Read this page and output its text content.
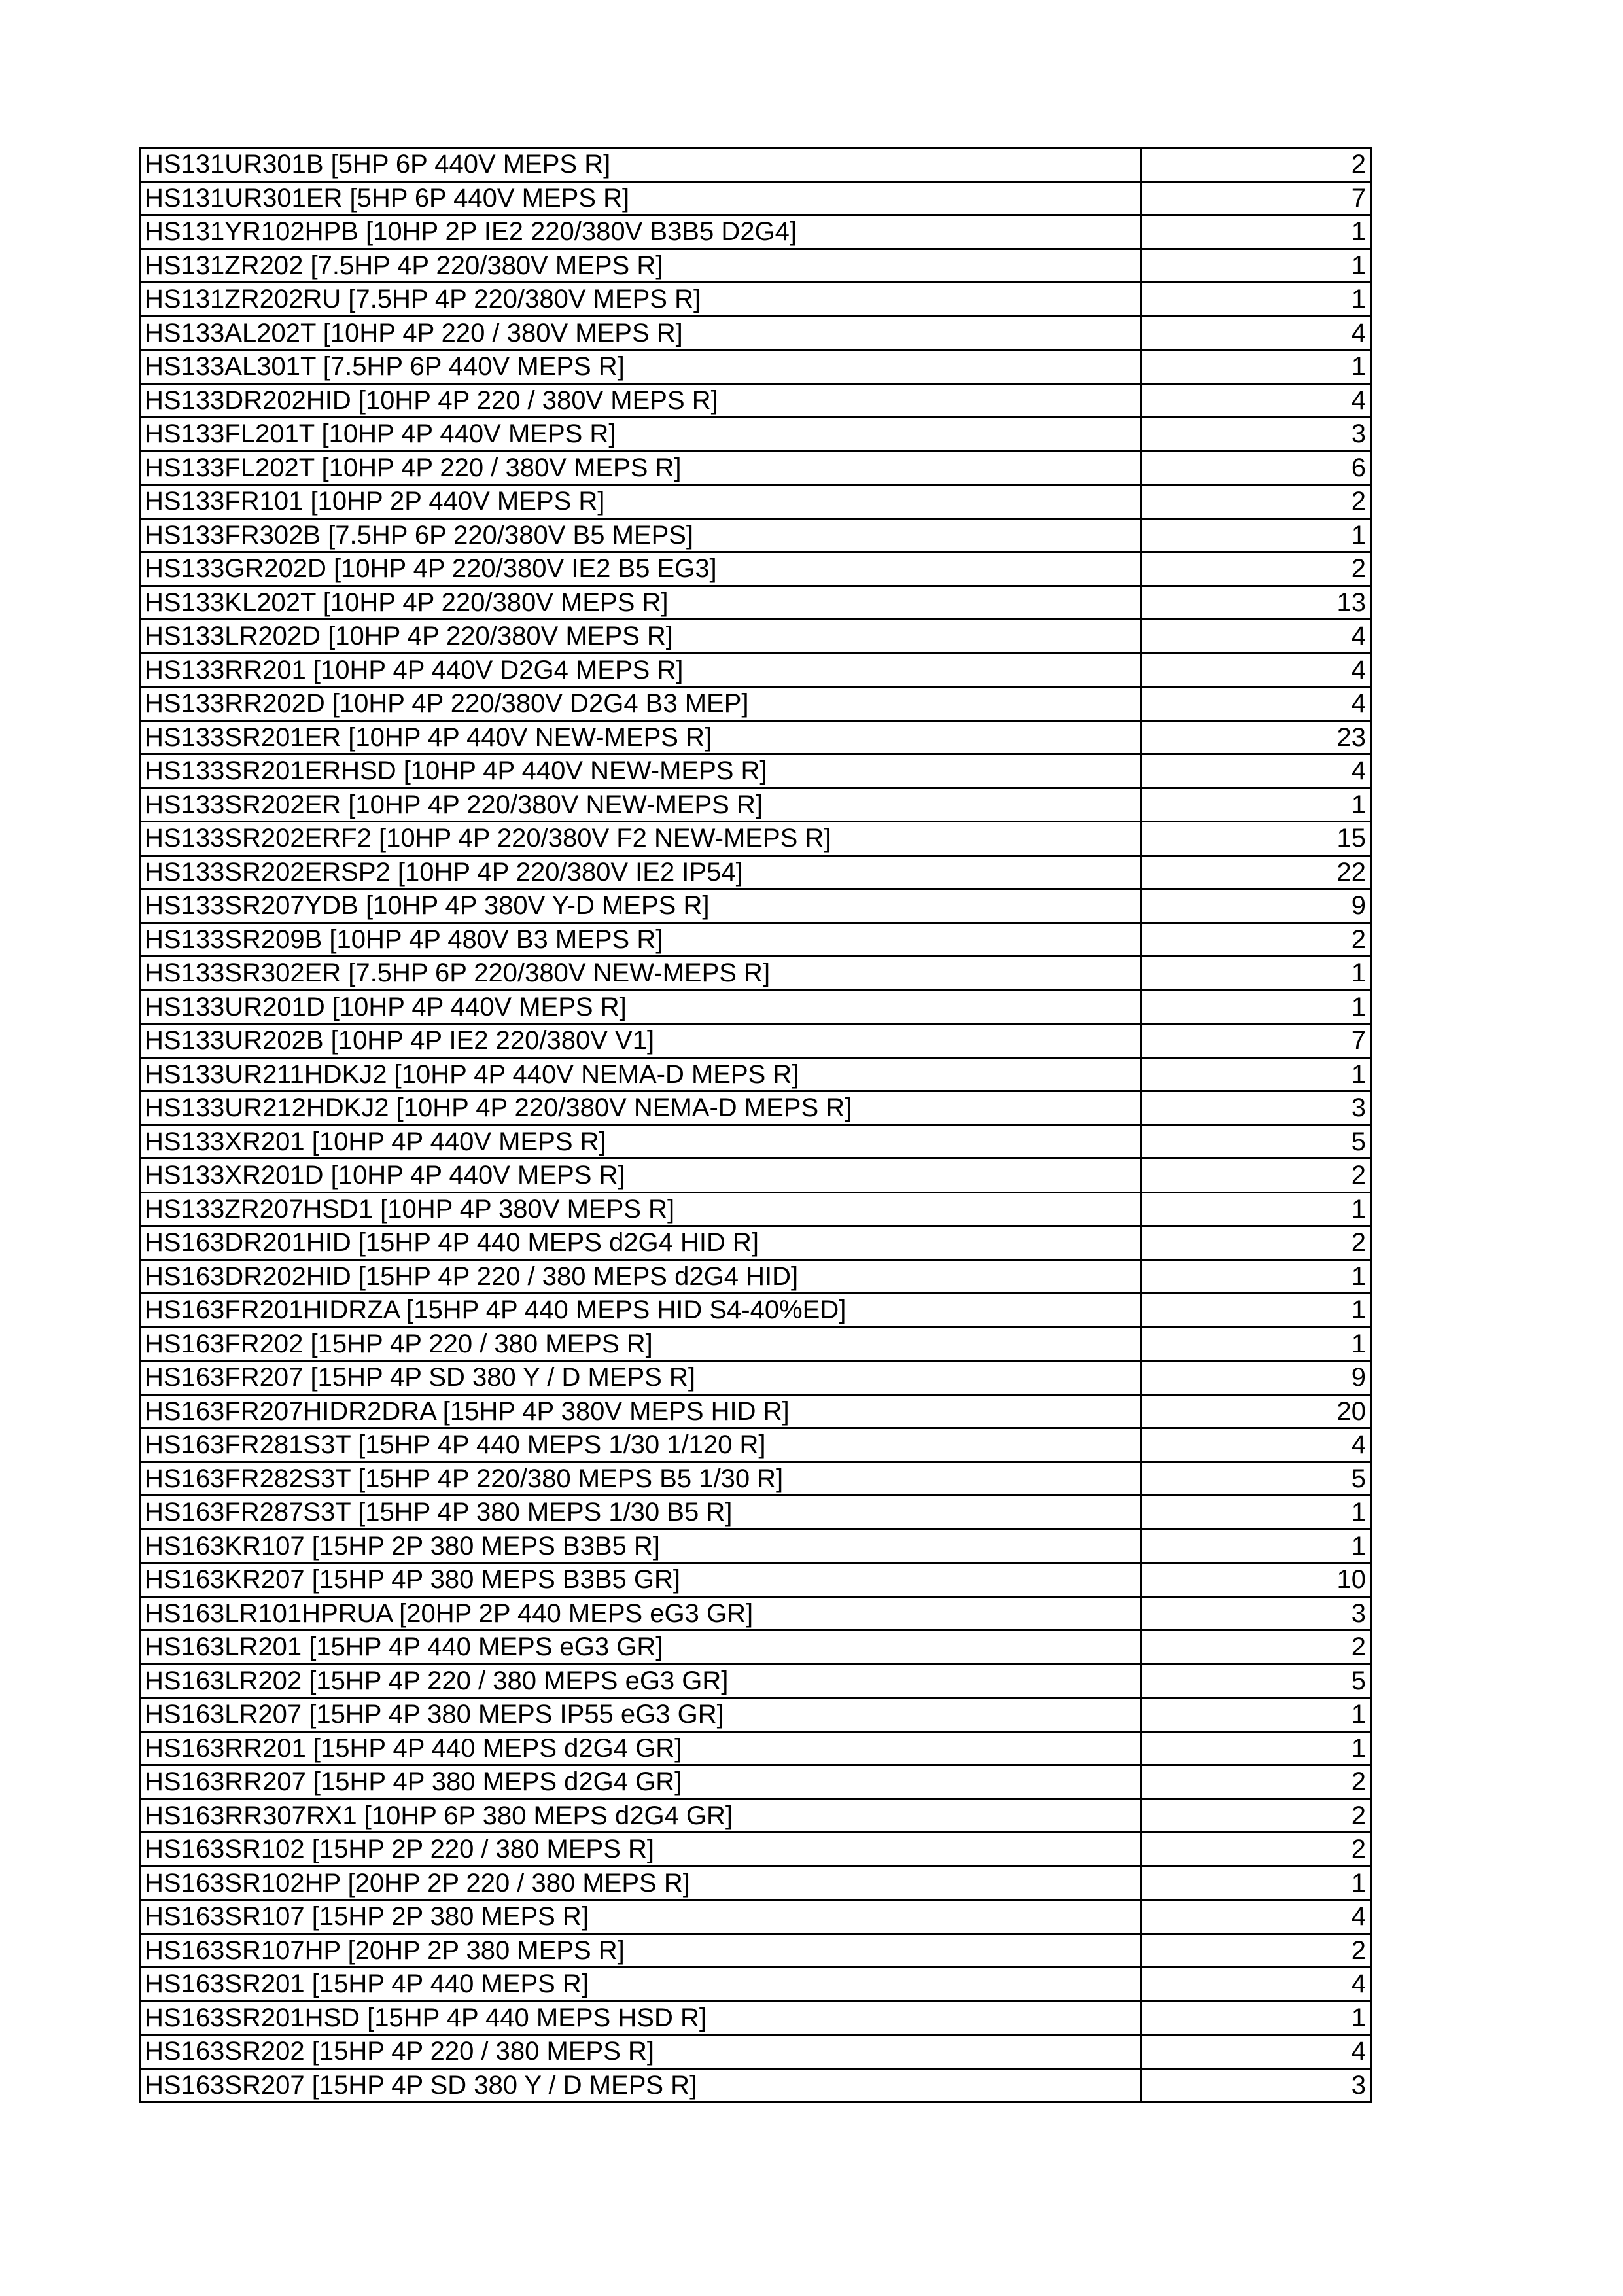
HS131UR301B [5HP 6P 440V MEPS R]	2
HS131UR301ER [5HP 6P 440V MEPS R]	7
HS131YR102HPB [10HP 2P IE2 220/380V B3B5 D2G4]	1
HS131ZR202 [7.5HP 4P 220/380V MEPS R]	1
HS131ZR202RU [7.5HP 4P 220/380V MEPS R]	1
HS133AL202T [10HP 4P 220 / 380V MEPS R]	4
HS133AL301T [7.5HP 6P 440V MEPS R]	1
HS133DR202HID [10HP 4P 220 / 380V MEPS R]	4
HS133FL201T [10HP 4P 440V MEPS R]	3
HS133FL202T [10HP 4P 220 / 380V MEPS R]	6
HS133FR101 [10HP 2P 440V MEPS R]	2
HS133FR302B [7.5HP 6P 220/380V B5 MEPS]	1
HS133GR202D [10HP 4P 220/380V IE2 B5 EG3]	2
HS133KL202T [10HP 4P 220/380V MEPS R]	13
HS133LR202D [10HP 4P 220/380V MEPS R]	4
HS133RR201 [10HP 4P 440V D2G4 MEPS R]	4
HS133RR202D [10HP 4P 220/380V D2G4 B3 MEP]	4
HS133SR201ER [10HP 4P 440V NEW-MEPS R]	23
HS133SR201ERHSD [10HP 4P 440V NEW-MEPS R]	4
HS133SR202ER [10HP 4P 220/380V NEW-MEPS R]	1
HS133SR202ERF2 [10HP 4P 220/380V F2 NEW-MEPS R]	15
HS133SR202ERSP2 [10HP 4P 220/380V IE2 IP54]	22
HS133SR207YDB [10HP 4P 380V Y-D MEPS R]	9
HS133SR209B [10HP 4P 480V B3 MEPS R]	2
HS133SR302ER [7.5HP 6P 220/380V NEW-MEPS R]	1
HS133UR201D [10HP 4P 440V MEPS R]	1
HS133UR202B [10HP 4P IE2 220/380V V1]	7
HS133UR211HDKJ2 [10HP 4P 440V NEMA-D MEPS R]	1
HS133UR212HDKJ2 [10HP 4P 220/380V NEMA-D MEPS R]	3
HS133XR201 [10HP 4P 440V MEPS R]	5
HS133XR201D [10HP 4P 440V MEPS R]	2
HS133ZR207HSD1 [10HP 4P 380V MEPS R]	1
HS163DR201HID [15HP 4P 440 MEPS d2G4 HID R]	2
HS163DR202HID [15HP 4P 220 / 380 MEPS d2G4 HID]	1
HS163FR201HIDRZA [15HP 4P 440 MEPS HID S4-40%ED]	1
HS163FR202 [15HP 4P 220 / 380 MEPS R]	1
HS163FR207 [15HP 4P SD 380 Y / D MEPS R]	9
HS163FR207HIDR2DRA [15HP 4P 380V MEPS HID R]	20
HS163FR281S3T [15HP 4P 440 MEPS 1/30 1/120 R]	4
HS163FR282S3T [15HP 4P 220/380 MEPS B5 1/30 R]	5
HS163FR287S3T [15HP 4P 380 MEPS 1/30 B5 R]	1
HS163KR107 [15HP 2P 380 MEPS B3B5 R]	1
HS163KR207 [15HP 4P 380 MEPS B3B5 GR]	10
HS163LR101HPRUA [20HP 2P 440 MEPS eG3 GR]	3
HS163LR201 [15HP 4P 440 MEPS eG3 GR]	2
HS163LR202 [15HP 4P 220 / 380 MEPS eG3 GR]	5
HS163LR207 [15HP 4P 380 MEPS IP55 eG3 GR]	1
HS163RR201 [15HP 4P 440 MEPS d2G4 GR]	1
HS163RR207 [15HP 4P 380 MEPS d2G4 GR]	2
HS163RR307RX1 [10HP 6P 380 MEPS d2G4 GR]	2
HS163SR102 [15HP 2P 220 / 380 MEPS R]	2
HS163SR102HP [20HP 2P 220 / 380 MEPS R]	1
HS163SR107 [15HP 2P 380 MEPS R]	4
HS163SR107HP [20HP 2P 380 MEPS R]	2
HS163SR201 [15HP 4P 440 MEPS R]	4
HS163SR201HSD [15HP 4P 440 MEPS HSD R]	1
HS163SR202 [15HP 4P 220 / 380 MEPS R]	4
HS163SR207 [15HP 4P SD 380 Y / D MEPS R]	3
